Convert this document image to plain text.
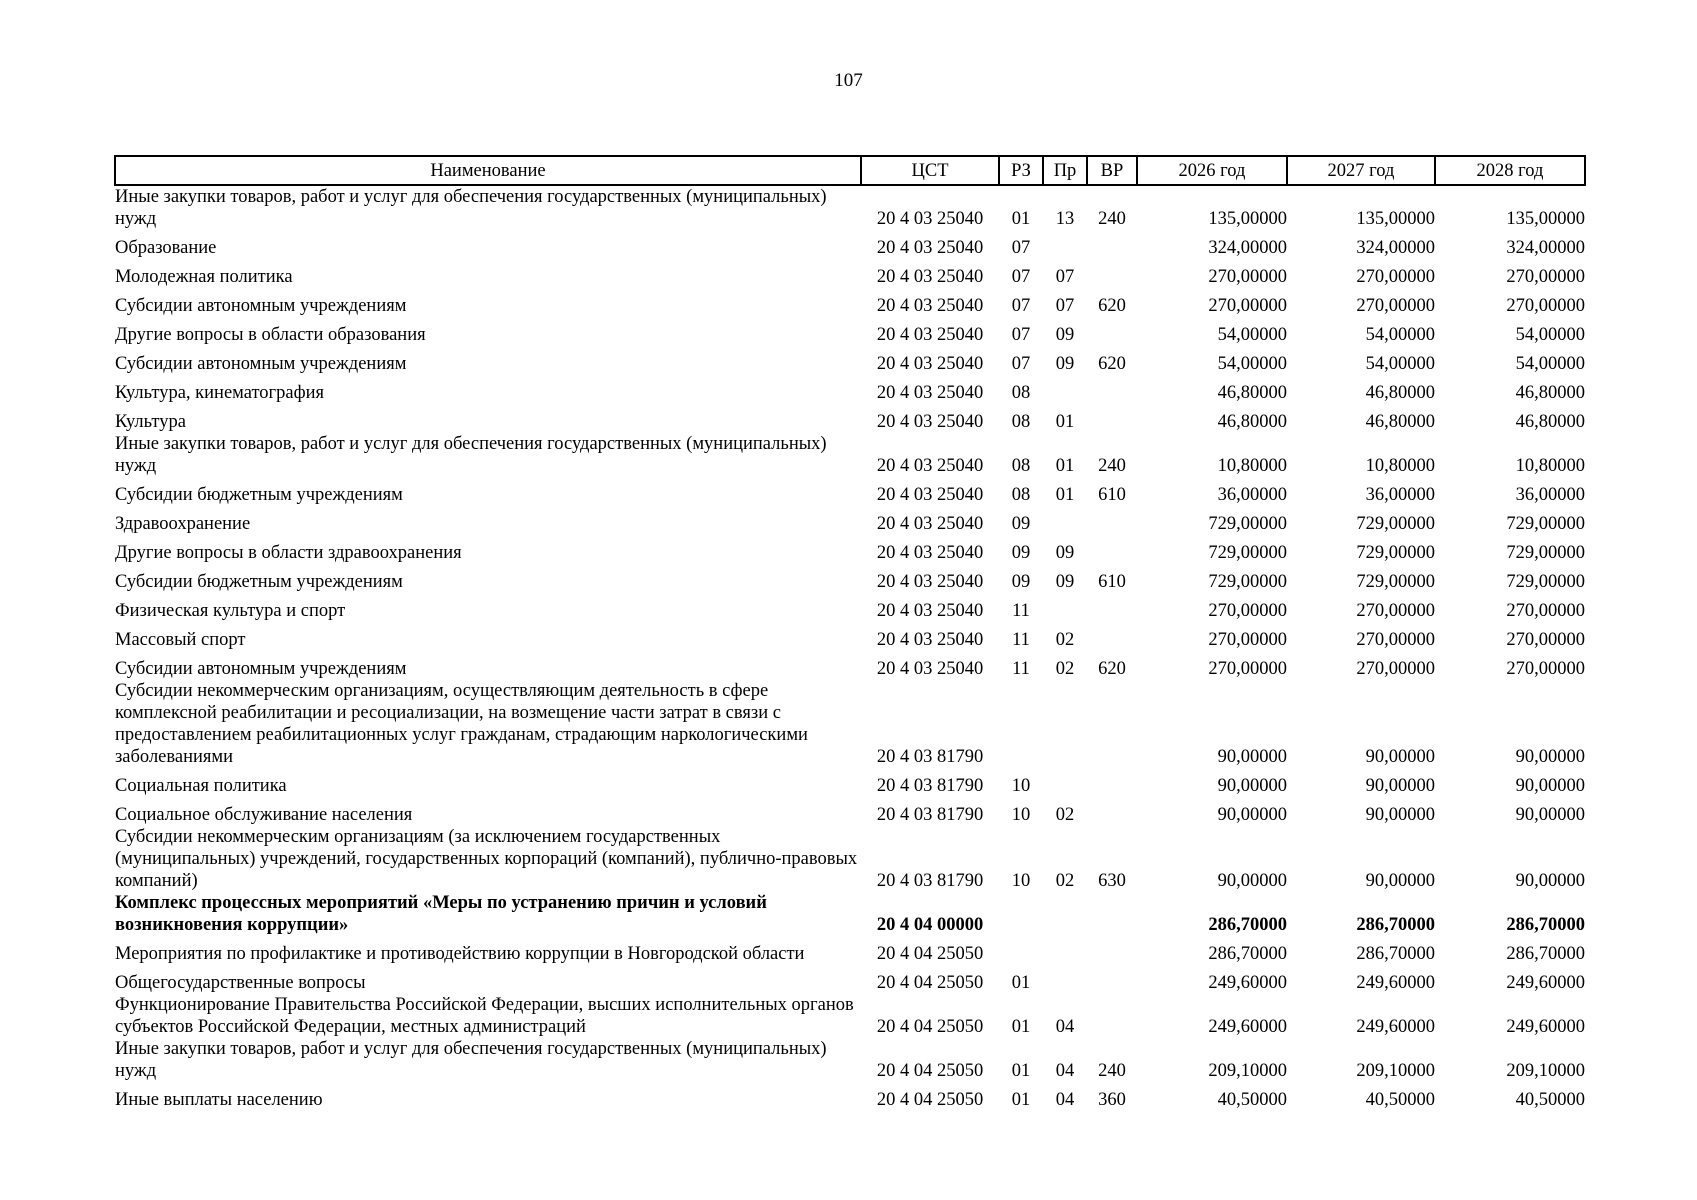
107
Наименование	ЦСТ	РЗ	Пр	ВР	2026 год	2027 год	2028 год
Иные закупки товаров, работ и услуг для обеспечения государственных (муниципальных) нужд	20 4 03 25040	01	13	240	135,00000	135,00000	135,00000
Образование	20 4 03 25040	07			324,00000	324,00000	324,00000
Молодежная политика	20 4 03 25040	07	07		270,00000	270,00000	270,00000
Субсидии автономным учреждениям	20 4 03 25040	07	07	620	270,00000	270,00000	270,00000
Другие вопросы в области образования	20 4 03 25040	07	09		54,00000	54,00000	54,00000
Субсидии автономным учреждениям	20 4 03 25040	07	09	620	54,00000	54,00000	54,00000
Культура, кинематография	20 4 03 25040	08			46,80000	46,80000	46,80000
Культура	20 4 03 25040	08	01		46,80000	46,80000	46,80000
Иные закупки товаров, работ и услуг для обеспечения государственных (муниципальных) нужд	20 4 03 25040	08	01	240	10,80000	10,80000	10,80000
Субсидии бюджетным учреждениям	20 4 03 25040	08	01	610	36,00000	36,00000	36,00000
Здравоохранение	20 4 03 25040	09			729,00000	729,00000	729,00000
Другие вопросы в области здравоохранения	20 4 03 25040	09	09		729,00000	729,00000	729,00000
Субсидии бюджетным учреждениям	20 4 03 25040	09	09	610	729,00000	729,00000	729,00000
Физическая культура и спорт	20 4 03 25040	11			270,00000	270,00000	270,00000
Массовый спорт	20 4 03 25040	11	02		270,00000	270,00000	270,00000
Субсидии автономным учреждениям	20 4 03 25040	11	02	620	270,00000	270,00000	270,00000
Субсидии некоммерческим организациям, осуществляющим деятельность в сфере комплексной реабилитации и ресоциализации, на возмещение части затрат в связи с предоставлением реабилитационных услуг гражданам, страдающим наркологическими заболеваниями	20 4 03 81790				90,00000	90,00000	90,00000
Социальная политика	20 4 03 81790	10			90,00000	90,00000	90,00000
Социальное обслуживание населения	20 4 03 81790	10	02		90,00000	90,00000	90,00000
Субсидии некоммерческим организациям (за исключением государственных (муниципальных) учреждений, государственных корпораций (компаний), публично-правовых компаний)	20 4 03 81790	10	02	630	90,00000	90,00000	90,00000
Комплекс процессных мероприятий «Меры по устранению причин и условий возникновения коррупции»	20 4 04 00000				286,70000	286,70000	286,70000
Мероприятия по профилактике и противодействию коррупции в Новгородской области	20 4 04 25050				286,70000	286,70000	286,70000
Общегосударственные вопросы	20 4 04 25050	01			249,60000	249,60000	249,60000
Функционирование Правительства Российской Федерации, высших исполнительных органов субъектов Российской Федерации, местных администраций	20 4 04 25050	01	04		249,60000	249,60000	249,60000
Иные закупки товаров, работ и услуг для обеспечения государственных (муниципальных) нужд	20 4 04 25050	01	04	240	209,10000	209,10000	209,10000
Иные выплаты населению	20 4 04 25050	01	04	360	40,50000	40,50000	40,50000
